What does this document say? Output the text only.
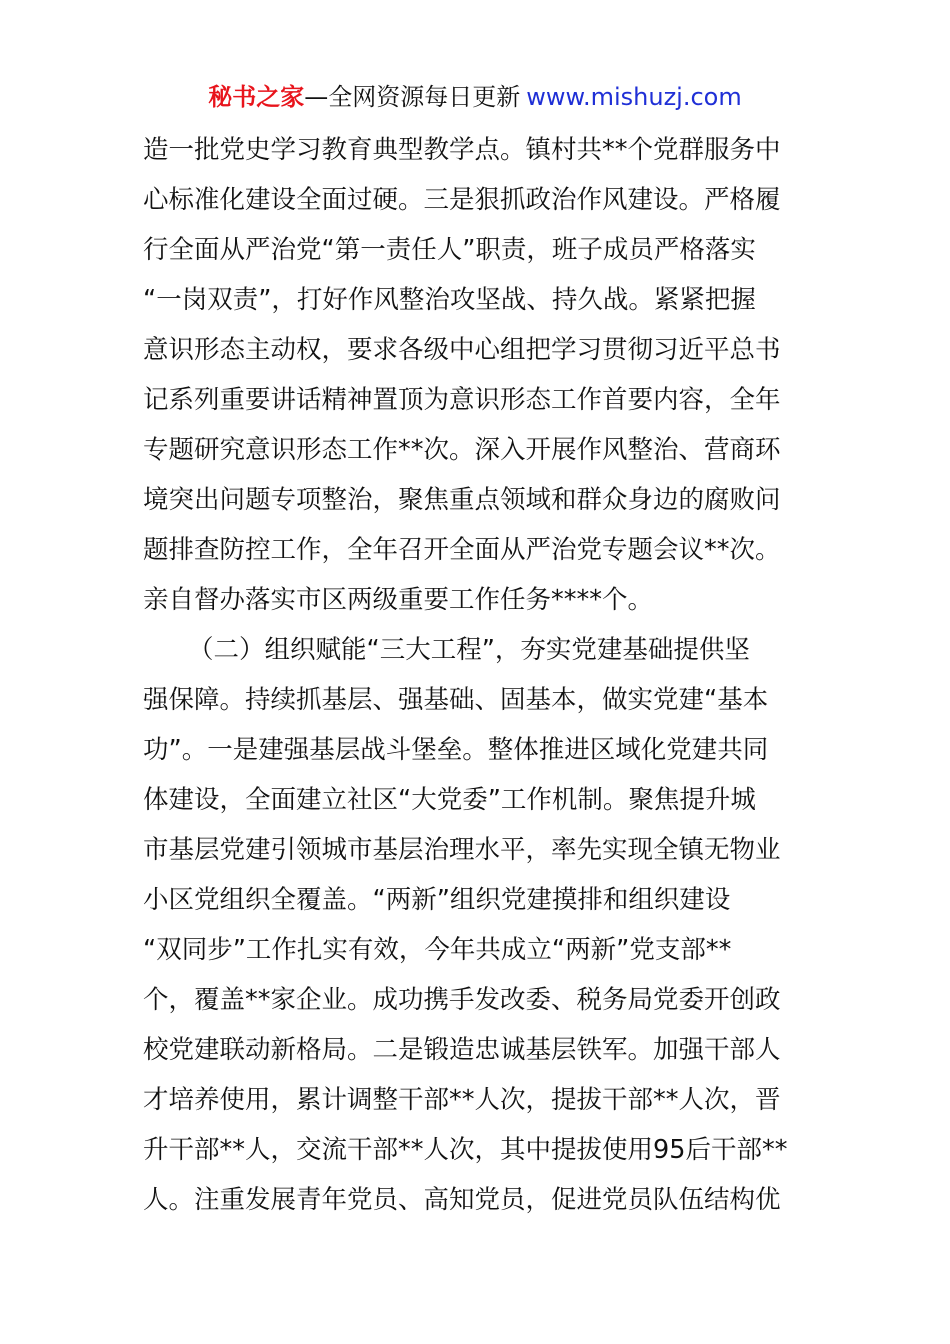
秘书之家—全网资源每日更新 www.mishuzj.com
造一批党史学习教育典型教学点。镇村共**个党群服务中
心标准化建设全面过硬。三是狠抓政治作风建设。严格履
行全面从严治党“第一责任人”职责，班子成员严格落实
“一岗双责”，打好作风整治攻坚战、持久战。紧紧把握
意识形态主动权，要求各级中心组把学习贯彻习近平总书
记系列重要讲话精神置顶为意识形态工作首要内容，全年
专题研究意识形态工作**次。深入开展作风整治、营商环
境突出问题专项整治，聚焦重点领域和群众身边的腐败问
题排查防控工作，全年召开全面从严治党专题会议**次。
亲自督办落实市区两级重要工作任务****个。
（二）组织赋能“三大工程”，夯实党建基础提供坚
强保障。持续抓基层、强基础、固基本，做实党建“基本
功”。一是建强基层战斗堡垒。整体推进区域化党建共同
体建设，全面建立社区“大党委”工作机制。聚焦提升城
市基层党建引领城市基层治理水平，率先实现全镇无物业
小区党组织全覆盖。“两新”组织党建摸排和组织建设
“双同步”工作扎实有效，今年共成立“两新”党支部**
个，覆盖**家企业。成功携手发改委、税务局党委开创政
校党建联动新格局。二是锻造忠诚基层铁军。加强干部人
才培养使用，累计调整干部**人次，提拔干部**人次，晋
升干部**人，交流干部**人次，其中提拔使用95后干部**
人。注重发展青年党员、高知党员，促进党员队伍结构优
